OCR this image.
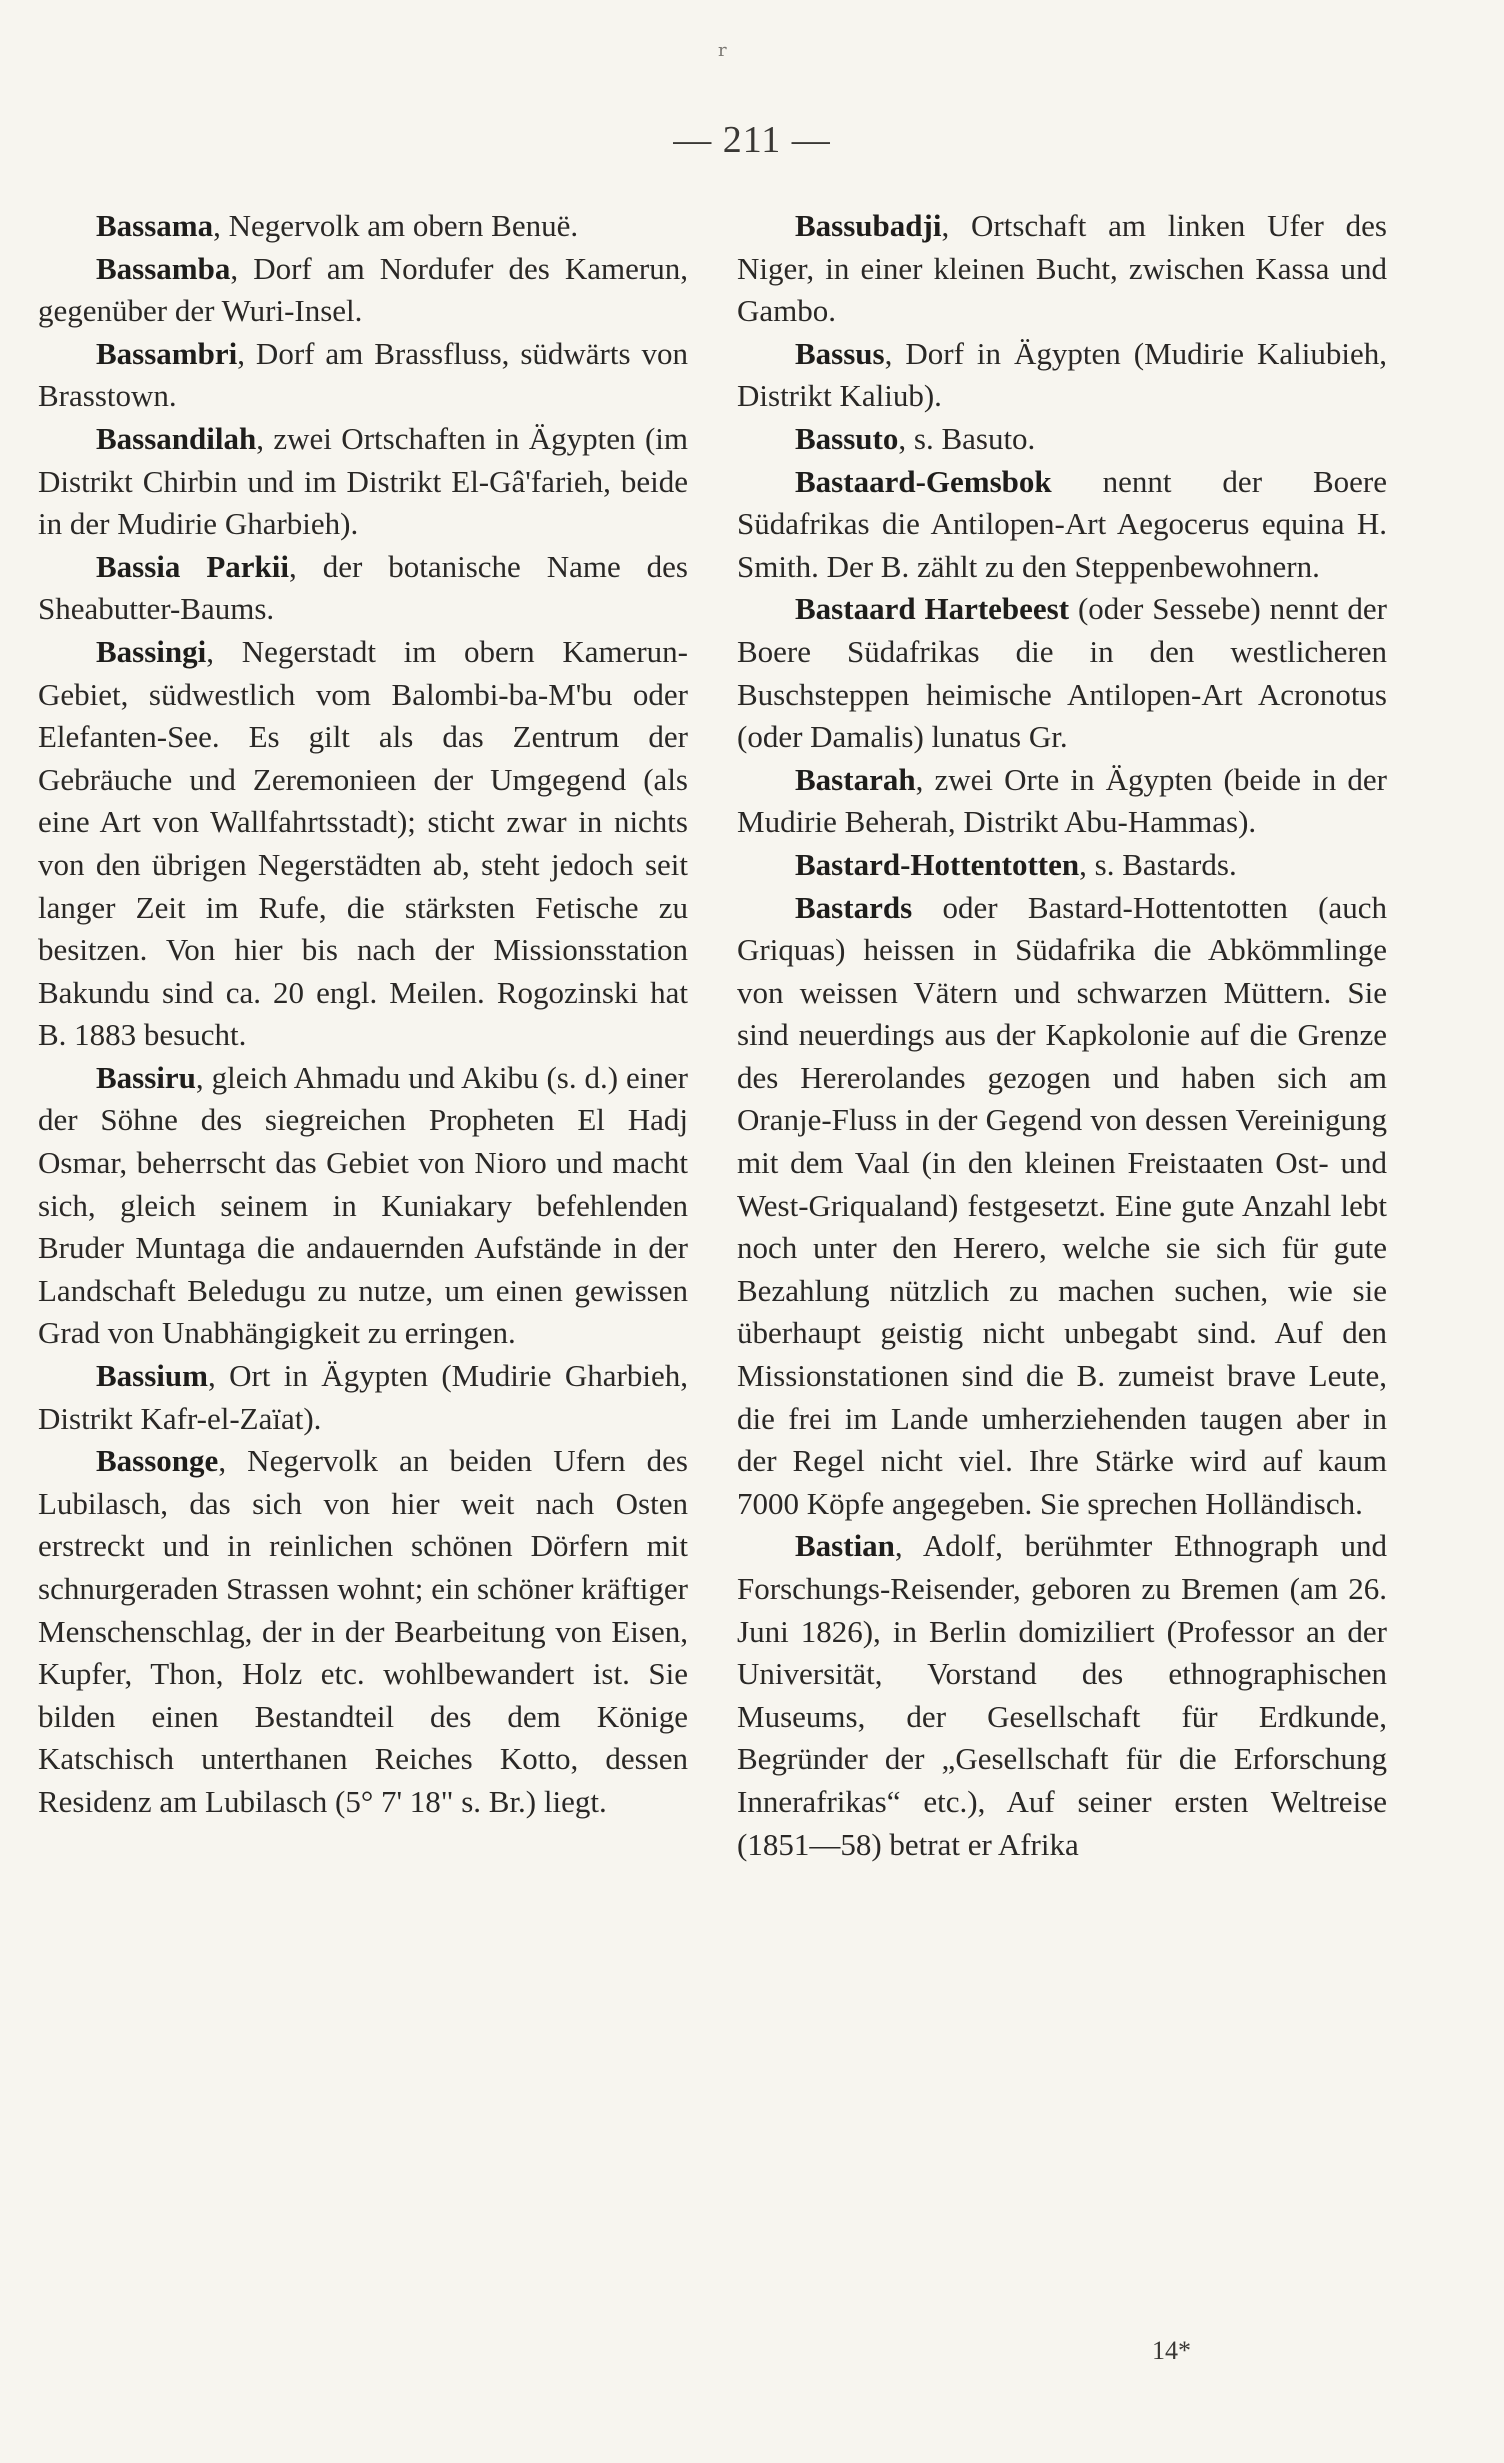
r
— 211 —

Bassama, Negervolk am obern Benuë.

Bassamba, Dorf am Nordufer des Kamerun, gegenüber der Wuri-Insel.

Bassambri, Dorf am Brassfluss, südwärts von Brasstown.

Bassandilah, zwei Ortschaften in Ägypten (im Distrikt Chirbin und im Distrikt El-Gâ'farieh, beide in der Mudirie Gharbieh).

Bassia Parkii, der botanische Name des Sheabutter-Baums.

Bassingi, Negerstadt im obern Kamerun-Gebiet, südwestlich vom Balombi-ba-M'bu oder Elefanten-See. Es gilt als das Zentrum der Gebräuche und Zeremonieen der Umgegend (als eine Art von Wallfahrtsstadt); sticht zwar in nichts von den übrigen Negerstädten ab, steht jedoch seit langer Zeit im Rufe, die stärksten Fetische zu besitzen. Von hier bis nach der Missionsstation Bakundu sind ca. 20 engl. Meilen. Rogozinski hat B. 1883 besucht.

Bassiru, gleich Ahmadu und Akibu (s. d.) einer der Söhne des siegreichen Propheten El Hadj Osmar, beherrscht das Gebiet von Nioro und macht sich, gleich seinem in Kuniakary befehlenden Bruder Muntaga die andauernden Aufstände in der Landschaft Beledugu zu nutze, um einen gewissen Grad von Unabhängigkeit zu erringen.

Bassium, Ort in Ägypten (Mudirie Gharbieh, Distrikt Kafr-el-Zaïat).

Bassonge, Negervolk an beiden Ufern des Lubilasch, das sich von hier weit nach Osten erstreckt und in reinlichen schönen Dörfern mit schnurgeraden Strassen wohnt; ein schöner kräftiger Menschenschlag, der in der Bearbeitung von Eisen, Kupfer, Thon, Holz etc. wohlbewandert ist. Sie bilden einen Bestandteil des dem Könige Katschisch unterthanen Reiches Kotto, dessen Residenz am Lubilasch (5° 7' 18" s. Br.) liegt.

Bassubadji, Ortschaft am linken Ufer des Niger, in einer kleinen Bucht, zwischen Kassa und Gambo.

Bassus, Dorf in Ägypten (Mudirie Kaliubieh, Distrikt Kaliub).

Bassuto, s. Basuto.

Bastaard-Gemsbok nennt der Boere Südafrikas die Antilopen-Art Aegocerus equina H. Smith. Der B. zählt zu den Steppenbewohnern.

Bastaard Hartebeest (oder Sessebe) nennt der Boere Südafrikas die in den westlicheren Buschsteppen heimische Antilopen-Art Acronotus (oder Damalis) lunatus Gr.

Bastarah, zwei Orte in Ägypten (beide in der Mudirie Beherah, Distrikt Abu-Hammas).

Bastard-Hottentotten, s. Bastards.

Bastards oder Bastard-Hottentotten (auch Griquas) heissen in Südafrika die Abkömmlinge von weissen Vätern und schwarzen Müttern. Sie sind neuerdings aus der Kapkolonie auf die Grenze des Hererolandes gezogen und haben sich am Oranje-Fluss in der Gegend von dessen Vereinigung mit dem Vaal (in den kleinen Freistaaten Ost- und West-Griqualand) festgesetzt. Eine gute Anzahl lebt noch unter den Herero, welche sie sich für gute Bezahlung nützlich zu machen suchen, wie sie überhaupt geistig nicht unbegabt sind. Auf den Missionstationen sind die B. zumeist brave Leute, die frei im Lande umherziehenden taugen aber in der Regel nicht viel. Ihre Stärke wird auf kaum 7000 Köpfe angegeben. Sie sprechen Holländisch.

Bastian, Adolf, berühmter Ethnograph und Forschungs-Reisender, geboren zu Bremen (am 26. Juni 1826), in Berlin domiziliert (Professor an der Universität, Vorstand des ethnographischen Museums, der Gesellschaft für Erdkunde, Begründer der „Gesellschaft für die Erforschung Innerafrikas“ etc.), Auf seiner ersten Weltreise (1851—58) betrat er Afrika

14*
